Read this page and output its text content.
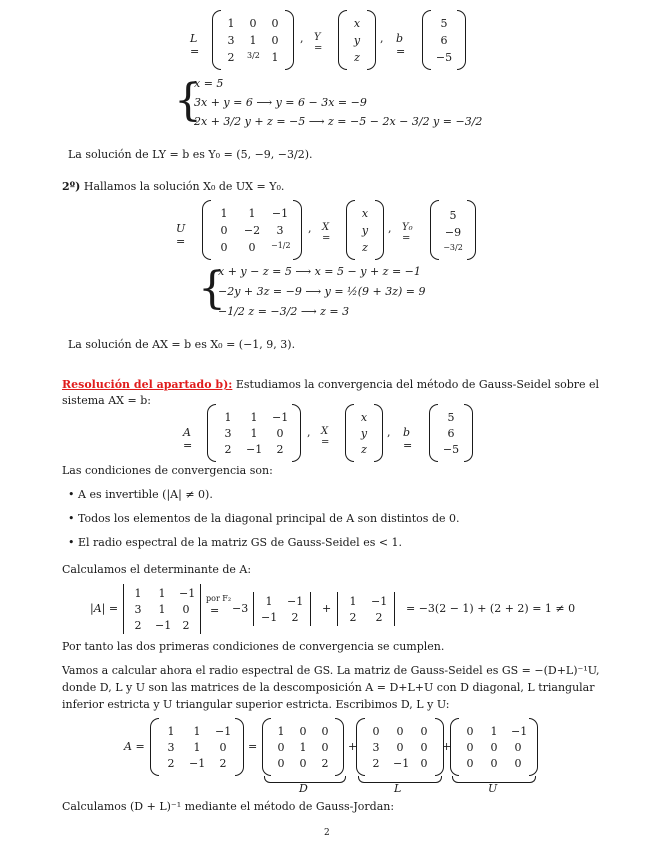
L =
1 0 0
3 1 0
2	3/2 1
, Y =
x
y
z
, b =
5
6
−5
{
x = 5
3x + y = 6 ⟶ y = 6 − 3x = −9
2x + 3/2 y + z = −5 ⟶ z = −5 − 2x − 3/2 y = −3/2
La solución de LY = b es Y₀ = (5, −9, −3/2).
2º) Hallamos la solución X₀ de UX = Y₀.
U =
1	1	−1
0	−2	3
0	0	−1/2
, X =
x
y
z
, Y₀ =
5
−9
−3/2
{
x + y − z = 5 ⟶ x = 5 − y + z = −1
−2y + 3z = −9 ⟶ y = ½(9 + 3z) = 9
−1/2 z = −3/2 ⟶ z = 3
La solución de AX = b es X₀ = (−1, 9, 3).
Resolución del apartado b): Estudiamos la convergencia del método de Gauss-Seidel sobre el
sistema AX = b:
A =
1	1	−1
3	1	0
2	−1	2
, X =
x
y
z
, b =
5
6
−5
Las condiciones de convergencia son:
• A es invertible (|A| ≠ 0).
• Todos los elementos de la diagonal principal de A son distintos de 0.
• El radio espectral de la matriz GS de Gauss-Seidel es < 1.
Calculamos el determinante de A:
|A| =
1	1	−1
3	1	0
2	−1	2
por F₂
= −3
1	−1
−1	2
+
1	−1
2	2
= −3(2 − 1) + (2 + 2) = 1 ≠ 0
Por tanto las dos primeras condiciones de convergencia se cumplen.
Vamos a calcular ahora el radio espectral de GS. La matriz de Gauss-Seidel es GS = −(D+L)⁻¹U,
donde D, L y U son las matrices de la descomposición A = D+L+U con D diagonal, L triangular
inferior estricta y U triangular superior estricta. Escribimos D, L y U:
A =
1	1	−1
3	1	0
2	−1	2
=
1 0 0
0 1 0
0 0 2
+
0	0	0
3	0	0
2	−1	0
+
0	1	−1
0	0	0
0	0	0
D	L	U
Calculamos (D + L)⁻¹ mediante el método de Gauss-Jordan:
2
